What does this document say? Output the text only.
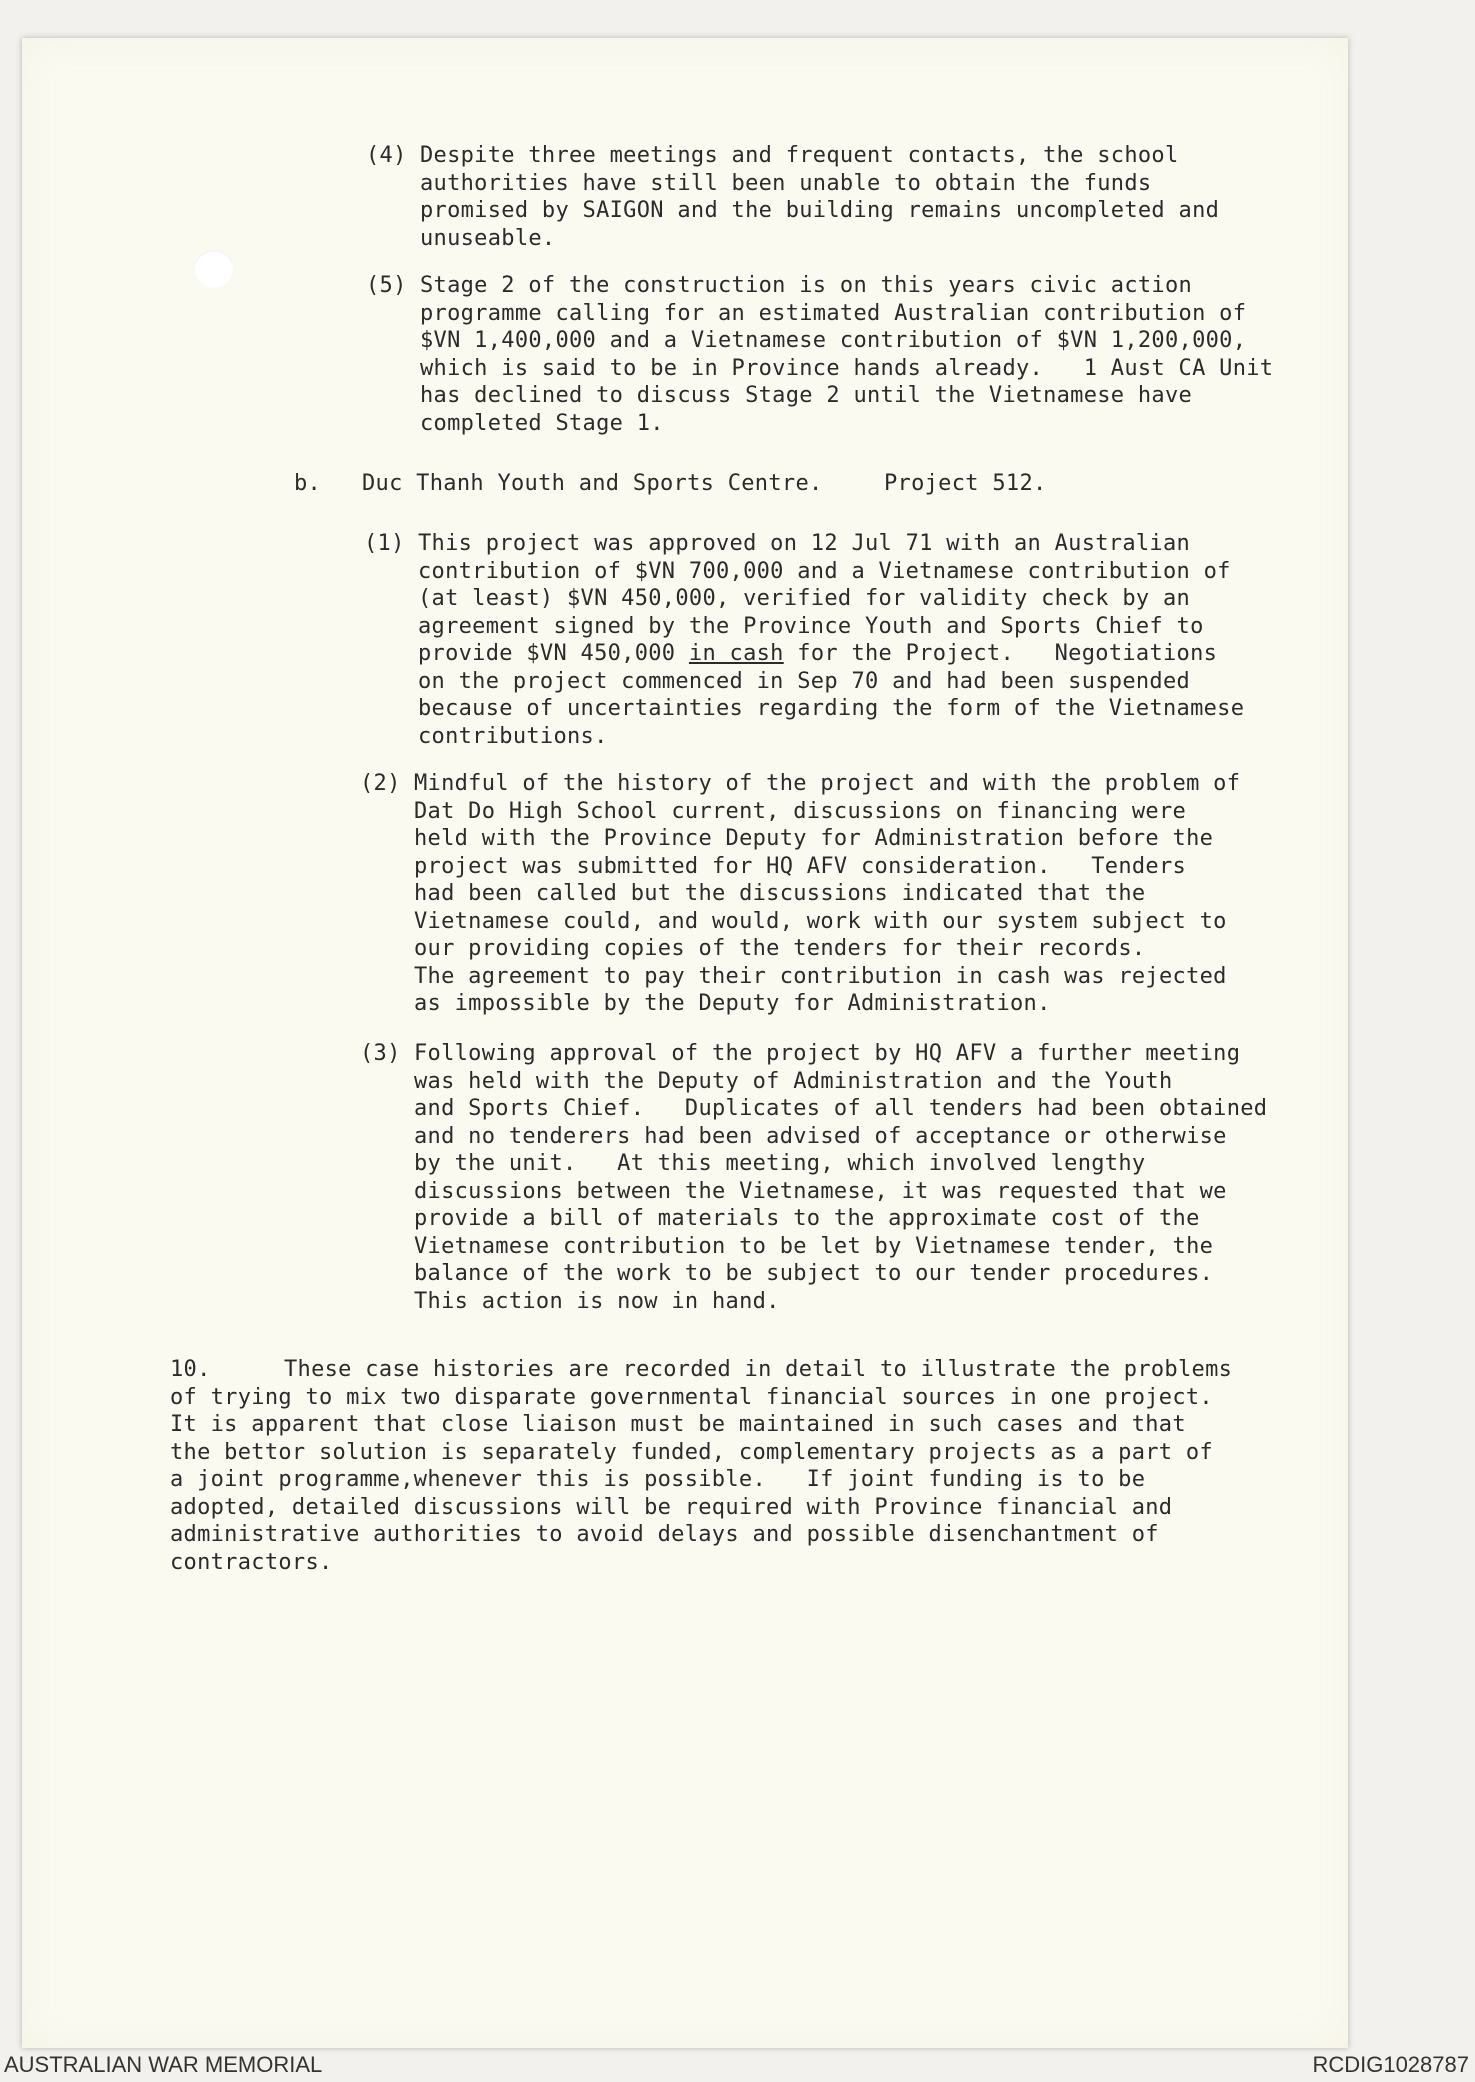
(4) Despite three meetings and frequent contacts, the school

authorities have still been unable to obtain the funds

promised by SAIGON and the building remains uncompleted and

unuseable.

(5) Stage 2 of the construction is on this years civic action

programme calling for an estimated Australian contribution of

$VN 1,400,000 and a Vietnamese contribution of $VN 1,200,000,

which is said to be in Province hands already.   1 Aust CA Unit

has declined to discuss Stage 2 until the Vietnamese have

completed Stage 1.

b. Duc Thanh Youth and Sports Centre.	Project 512.
(1) This project was approved on 12 Jul 71 with an Australian

contribution of $VN 700,000 and a Vietnamese contribution of

(at least) $VN 450,000, verified for validity check by an

agreement signed by the Province Youth and Sports Chief to

provide $VN 450,000 in cash for the Project.   Negotiations

on the project commenced in Sep 70 and had been suspended

because of uncertainties regarding the form of the Vietnamese

contributions.

(2) Mindful of the history of the project and with the problem of

Dat Do High School current, discussions on financing were

held with the Province Deputy for Administration before the

project was submitted for HQ AFV consideration.   Tenders

had been called but the discussions indicated that the

Vietnamese could, and would, work with our system subject to

our providing copies of the tenders for their records.

The agreement to pay their contribution in cash was rejected

as impossible by the Deputy for Administration.

(3) Following approval of the project by HQ AFV a further meeting

was held with the Deputy of Administration and the Youth

and Sports Chief.   Duplicates of all tenders had been obtained

and no tenderers had been advised of acceptance or otherwise

by the unit.   At this meeting, which involved lengthy

discussions between the Vietnamese, it was requested that we

provide a bill of materials to the approximate cost of the

Vietnamese contribution to be let by Vietnamese tender, the

balance of the work to be subject to our tender procedures.

This action is now in hand.

10.	These case histories are recorded in detail to illustrate the problems

of trying to mix two disparate governmental financial sources in one project.

It is apparent that close liaison must be maintained in such cases and that

the bettor solution is separately funded, complementary projects as a part of

a joint programme,whenever this is possible.   If joint funding is to be

adopted, detailed discussions will be required with Province financial and

administrative authorities to avoid delays and possible disenchantment of

contractors.

AUSTRALIAN WAR MEMORIAL	RCDIG1028787
